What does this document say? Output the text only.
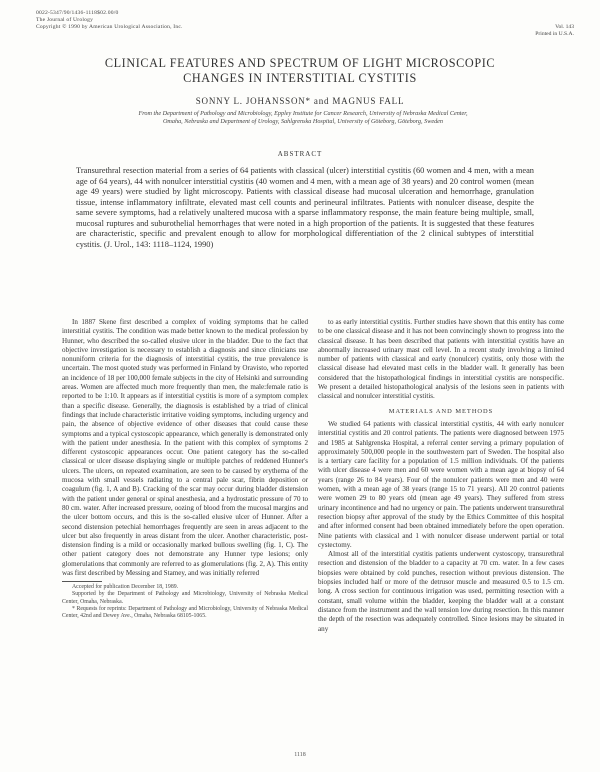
0022-5347/90/1436-1118$02.00/0
The Journal of Urology
Copyright © 1990 by American Urological Association, Inc.	Vol. 143
Printed in U.S.A.
CLINICAL FEATURES AND SPECTRUM OF LIGHT MICROSCOPIC
CHANGES IN INTERSTITIAL CYSTITIS
SONNY L. JOHANSSON* and MAGNUS FALL
From the Department of Pathology and Microbiology, Eppley Institute for Cancer Research, University of Nebraska Medical Center,
Omaha, Nebraska and Department of Urology, Sahlgrenska Hospital, University of Göteborg, Göteborg, Sweden
ABSTRACT
Transurethral resection material from a series of 64 patients with classical (ulcer) interstitial cystitis (60 women and 4 men, with a mean age of 64 years), 44 with nonulcer interstitial cystitis (40 women and 4 men, with a mean age of 38 years) and 20 control women (mean age 49 years) were studied by light microscopy. Patients with classical disease had mucosal ulceration and hemorrhage, granulation tissue, intense inflammatory infiltrate, elevated mast cell counts and perineural infiltrates. Patients with nonulcer disease, despite the same severe symptoms, had a relatively unaltered mucosa with a sparse inflammatory response, the main feature being multiple, small, mucosal ruptures and suburothelial hemorrhages that were noted in a high proportion of the patients. It is suggested that these features are characteristic, specific and prevalent enough to allow for morphological differentiation of the 2 clinical subtypes of interstitial cystitis. (J. Urol., 143: 1118–1124, 1990)

In 1887 Skene first described a complex of voiding symptoms that he called interstitial cystitis. The condition was made better known to the medical profession by Hunner, who described the so-called elusive ulcer in the bladder. Due to the fact that objective investigation is necessary to establish a diagnosis and since clinicians use nonuniform criteria for the diagnosis of interstitial cystitis, the true prevalence is uncertain. The most quoted study was performed in Finland by Oravisto, who reported an incidence of 18 per 100,000 female subjects in the city of Helsinki and surrounding areas. Women are affected much more frequently than men, the male:female ratio is reported to be 1:10. It appears as if interstitial cystitis is more of a symptom complex than a specific disease. Generally, the diagnosis is established by a triad of clinical findings that include characteristic irritative voiding symptoms, including urgency and pain, the absence of objective evidence of other diseases that could cause these symptoms and a typical cystoscopic appearance, which generally is demonstrated only with the patient under anesthesia. In the patient with this complex of symptoms 2 different cystoscopic appearances occur. One patient category has the so-called classical or ulcer disease displaying single or multiple patches of reddened Hunner's ulcers. The ulcers, on repeated examination, are seen to be caused by erythema of the mucosa with small vessels radiating to a central pale scar, fibrin deposition or coagulum (fig. 1, A and B). Cracking of the scar may occur during bladder distension with the patient under general or spinal anesthesia, and a hydrostatic pressure of 70 to 80 cm. water. After increased pressure, oozing of blood from the mucosal margins and the ulcer bottom occurs, and this is the so-called elusive ulcer of Hunner. After a second distension petechial hemorrhages frequently are seen in areas adjacent to the ulcer but also frequently in areas distant from the ulcer. Another characteristic, post-distension finding is a mild or occasionally marked bullous swelling (fig. 1, C). The other patient category does not demonstrate any Hunner type lesions; only glomerulations that commonly are referred to as glomerulations (fig. 2, A). This entity was first described by Messing and Stamey, and was initially referred

Accepted for publication December 18, 1989.

Supported by the Department of Pathology and Microbiology, University of Nebraska Medical Center, Omaha, Nebraska.

* Requests for reprints: Department of Pathology and Microbiology, University of Nebraska Medical Center, 42nd and Dewey Ave., Omaha, Nebraska 68105-1065.

to as early interstitial cystitis. Further studies have shown that this entity has come to be one classical disease and it has not been convincingly shown to progress into the classical disease. It has been described that patients with interstitial cystitis have an abnormally increased urinary mast cell level. In a recent study involving a limited number of patients with classical and early (nonulcer) cystitis, only those with the classical disease had elevated mast cells in the bladder wall. It generally has been considered that the histopathological findings in interstitial cystitis are nonspecific. We present a detailed histopathological analysis of the lesions seen in patients with classical and nonulcer interstitial cystitis.

MATERIALS AND METHODS

We studied 64 patients with classical interstitial cystitis, 44 with early nonulcer interstitial cystitis and 20 control patients. The patients were diagnosed between 1975 and 1985 at Sahlgrenska Hospital, a referral center serving a primary population of approximately 500,000 people in the southwestern part of Sweden. The hospital also is a tertiary care facility for a population of 1.5 million individuals. Of the patients with ulcer disease 4 were men and 60 were women with a mean age at biopsy of 64 years (range 26 to 84 years). Four of the nonulcer patients were men and 40 were women, with a mean age of 38 years (range 15 to 71 years). All 20 control patients were women 29 to 80 years old (mean age 49 years). They suffered from stress urinary incontinence and had no urgency or pain. The patients underwent transurethral resection biopsy after approval of the study by the Ethics Committee of this hospital and after informed consent had been obtained immediately before the open operation. Nine patients with classical and 1 with nonulcer disease underwent partial or total cystectomy.

Almost all of the interstitial cystitis patients underwent cystoscopy, transurethral resection and distension of the bladder to a capacity at 70 cm. water. In a few cases biopsies were obtained by cold punches, resection without previous distension. The biopsies included half or more of the detrusor muscle and measured 0.5 to 1.5 cm. long. A cross section for continuous irrigation was used, permitting resection with a constant, small volume within the bladder, keeping the bladder wall at a constant distance from the instrument and the wall tension low during resection. In this manner the depth of the resection was adequately controlled. Since lesions may be situated in any

1118
